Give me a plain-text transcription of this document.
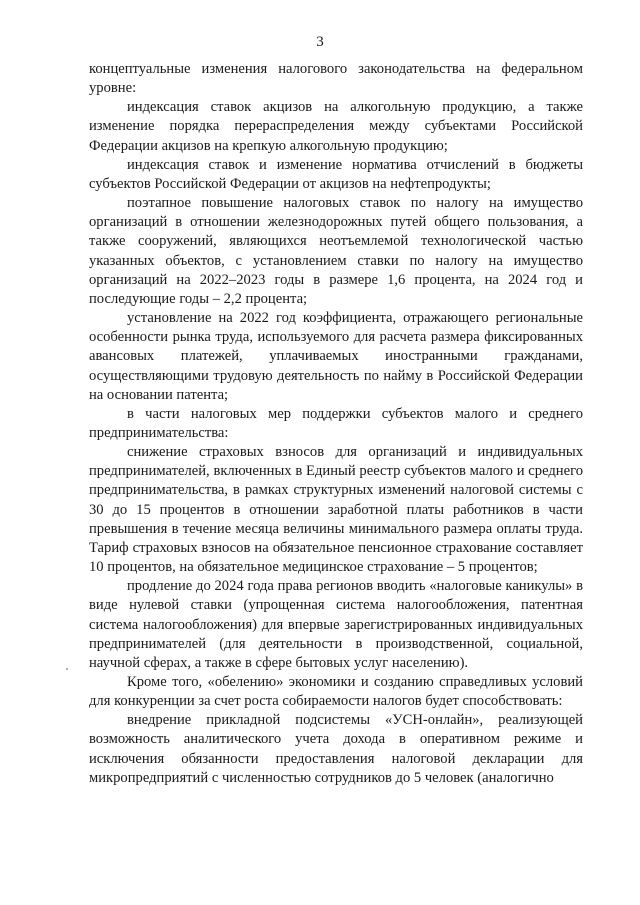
3

концептуальные изменения налогового законодательства на федеральном уровне:

индексация ставок акцизов на алкогольную продукцию, а также изменение порядка перераспределения между субъектами Российской Федерации акцизов на крепкую алкогольную продукцию;

индексация ставок и изменение норматива отчислений в бюджеты субъектов Российской Федерации от акцизов на нефтепродукты;

поэтапное повышение налоговых ставок по налогу на имущество организаций в отношении железнодорожных путей общего пользования, а также сооружений, являющихся неотъемлемой технологической частью указанных объектов, с установлением ставки по налогу на имущество организаций на 2022–2023 годы в размере 1,6 процента, на 2024 год и последующие годы – 2,2 процента;

установление на 2022 год коэффициента, отражающего региональные особенности рынка труда, используемого для расчета размера фиксированных авансовых платежей, уплачиваемых иностранными гражданами, осуществляющими трудовую деятельность по найму в Российской Федерации на основании патента;

в части налоговых мер поддержки субъектов малого и среднего предпринимательства:

снижение страховых взносов для организаций и индивидуальных предпринимателей, включенных в Единый реестр субъектов малого и среднего предпринимательства, в рамках структурных изменений налоговой системы с 30 до 15 процентов в отношении заработной платы работников в части превышения в течение месяца величины минимального размера оплаты труда. Тариф страховых взносов на обязательное пенсионное страхование составляет 10 процентов, на обязательное медицинское страхование – 5 процентов;

продление до 2024 года права регионов вводить «налоговые каникулы» в виде нулевой ставки (упрощенная система налогообложения, патентная система налогообложения) для впервые зарегистрированных индивидуальных предпринимателей (для деятельности в производственной, социальной, научной сферах, а также в сфере бытовых услуг населению).

Кроме того, «обелению» экономики и созданию справедливых условий для конкуренции за счет роста собираемости налогов будет способствовать:

внедрение прикладной подсистемы «УСН-онлайн», реализующей возможность аналитического учета дохода в оперативном режиме и исключения обязанности предоставления налоговой декларации для микропредприятий с численностью сотрудников до 5 человек (аналогично
